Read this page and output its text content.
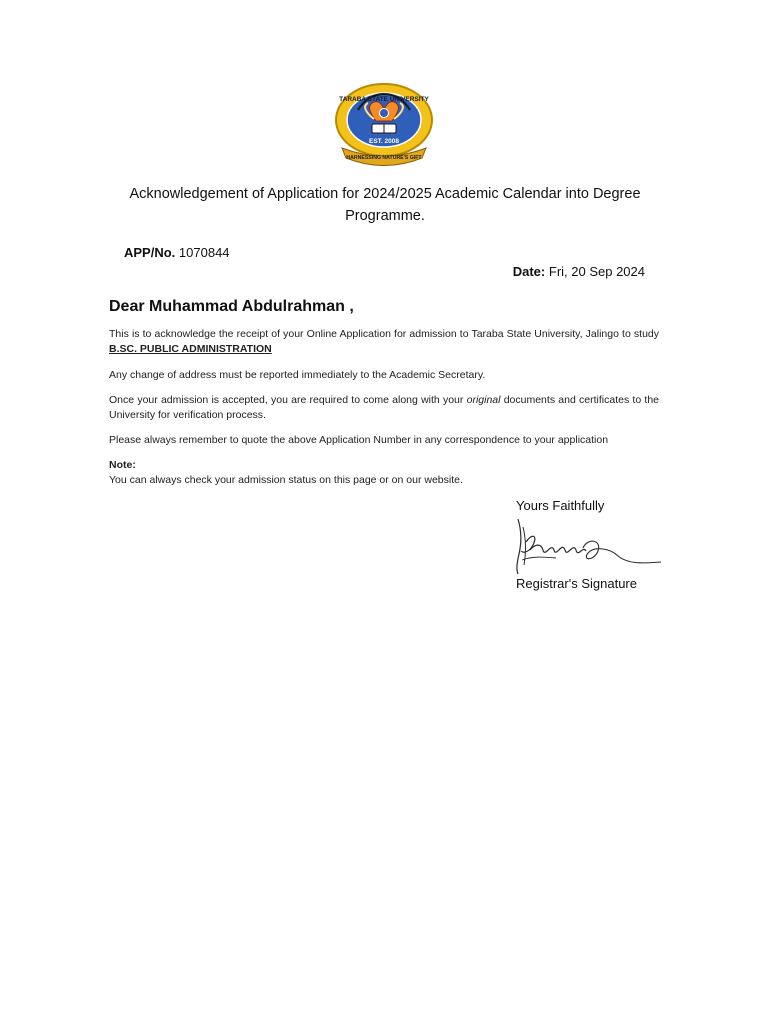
TARABA STATE UNIVERSITY
EST. 2008
HARNESSING NATURE'S GIFT
Acknowledgement of Application for 2024/2025 Academic Calendar into Degree Programme.
APP/No. 1070844
Date: Fri, 20 Sep 2024
Dear Muhammad Abdulrahman ,
This is to acknowledge the receipt of your Online Application for admission to Taraba State University, Jalingo to study B.SC. PUBLIC ADMINISTRATION
Any change of address must be reported immediately to the Academic Secretary.
Once your admission is accepted, you are required to come along with your original documents and certificates to the University for verification process.
Please always remember to quote the above Application Number in any correspondence to your application
Note:
You can always check your admission status on this page or on our website.
Yours Faithfully
Registrar's Signature
